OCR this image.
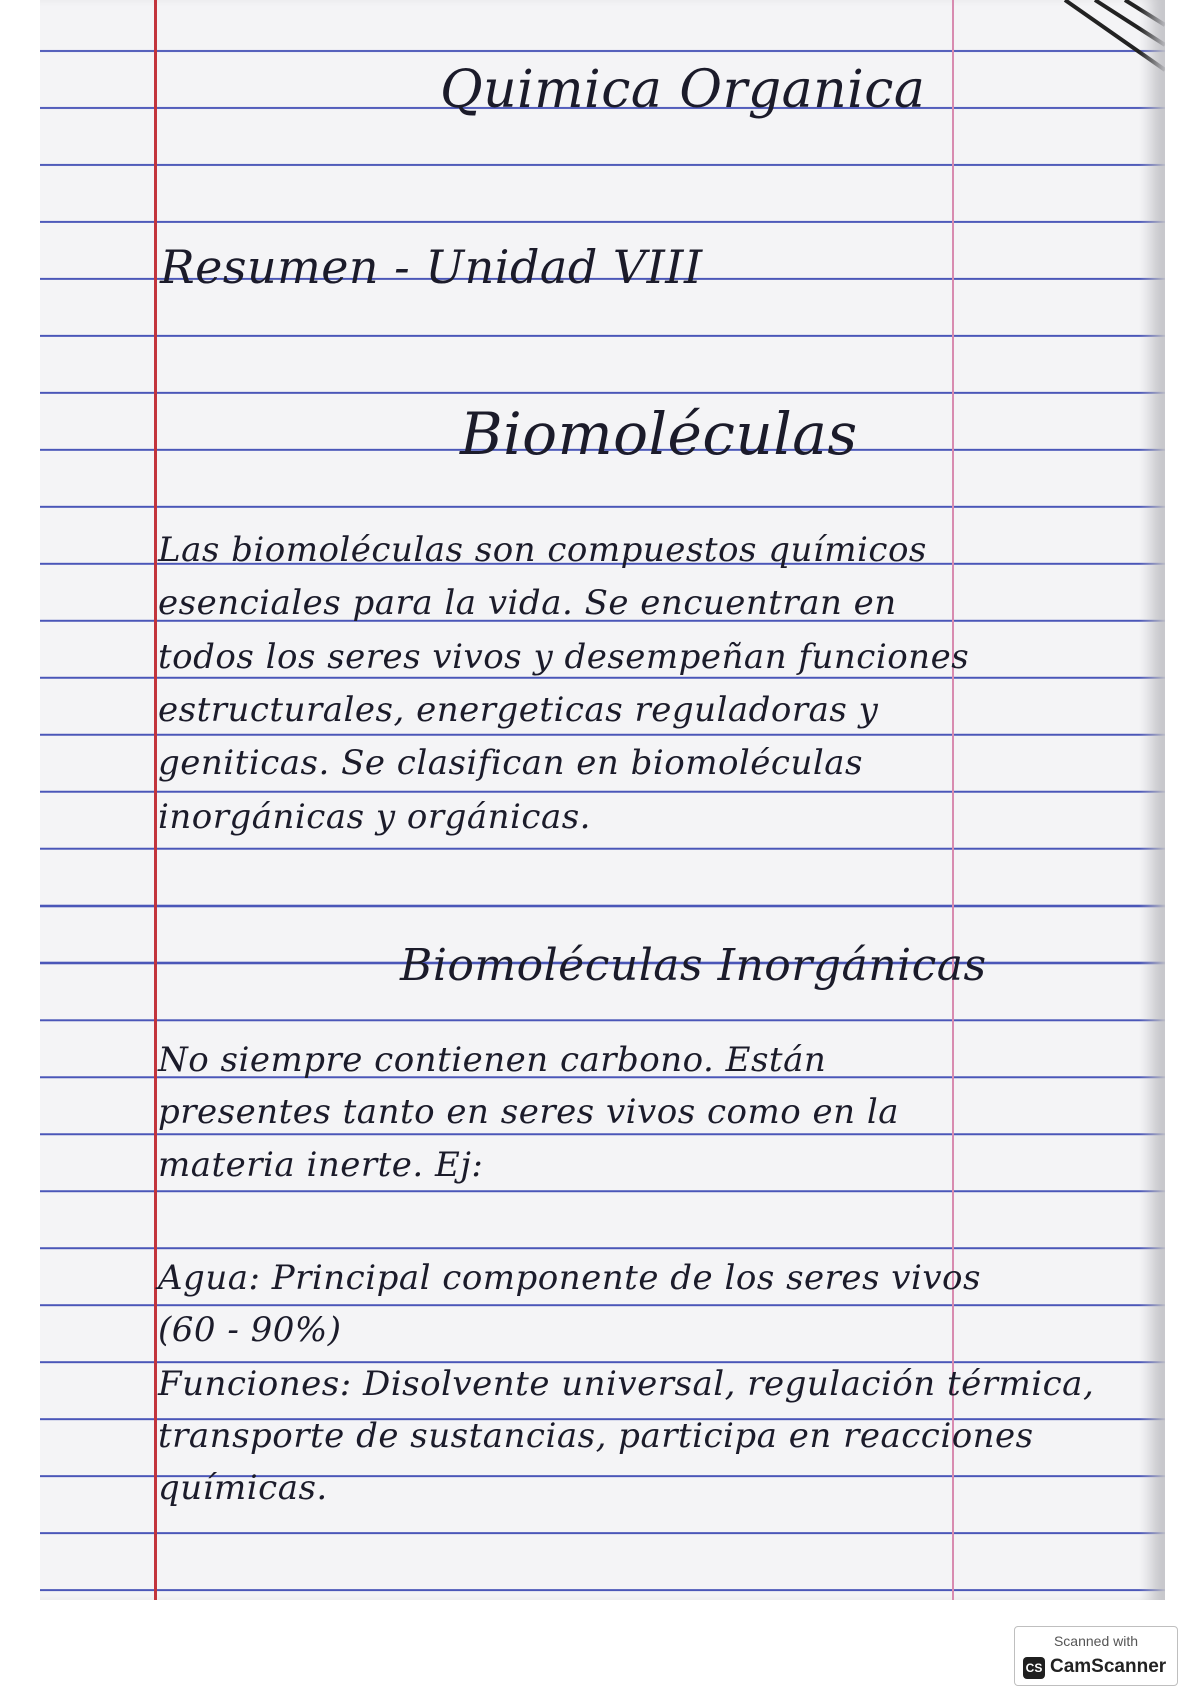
Quimica Organica
Resumen - Unidad VIII
Biomoléculas
Las biomoléculas son compuestos químicos
esenciales para la vida. Se encuentran en
todos los seres vivos y desempeñan funciones
estructurales, energeticas reguladoras y
geniticas. Se clasifican en biomoléculas
inorgánicas y orgánicas.
Biomoléculas Inorgánicas
No siempre contienen carbono. Están
presentes tanto en seres vivos como en la
materia inerte. Ej:
Agua: Principal componente de los seres vivos
(60 - 90%)
Funciones: Disolvente universal, regulación térmica,
transporte de sustancias, participa en reacciones
químicas.
Scanned with
CS CamScanner
